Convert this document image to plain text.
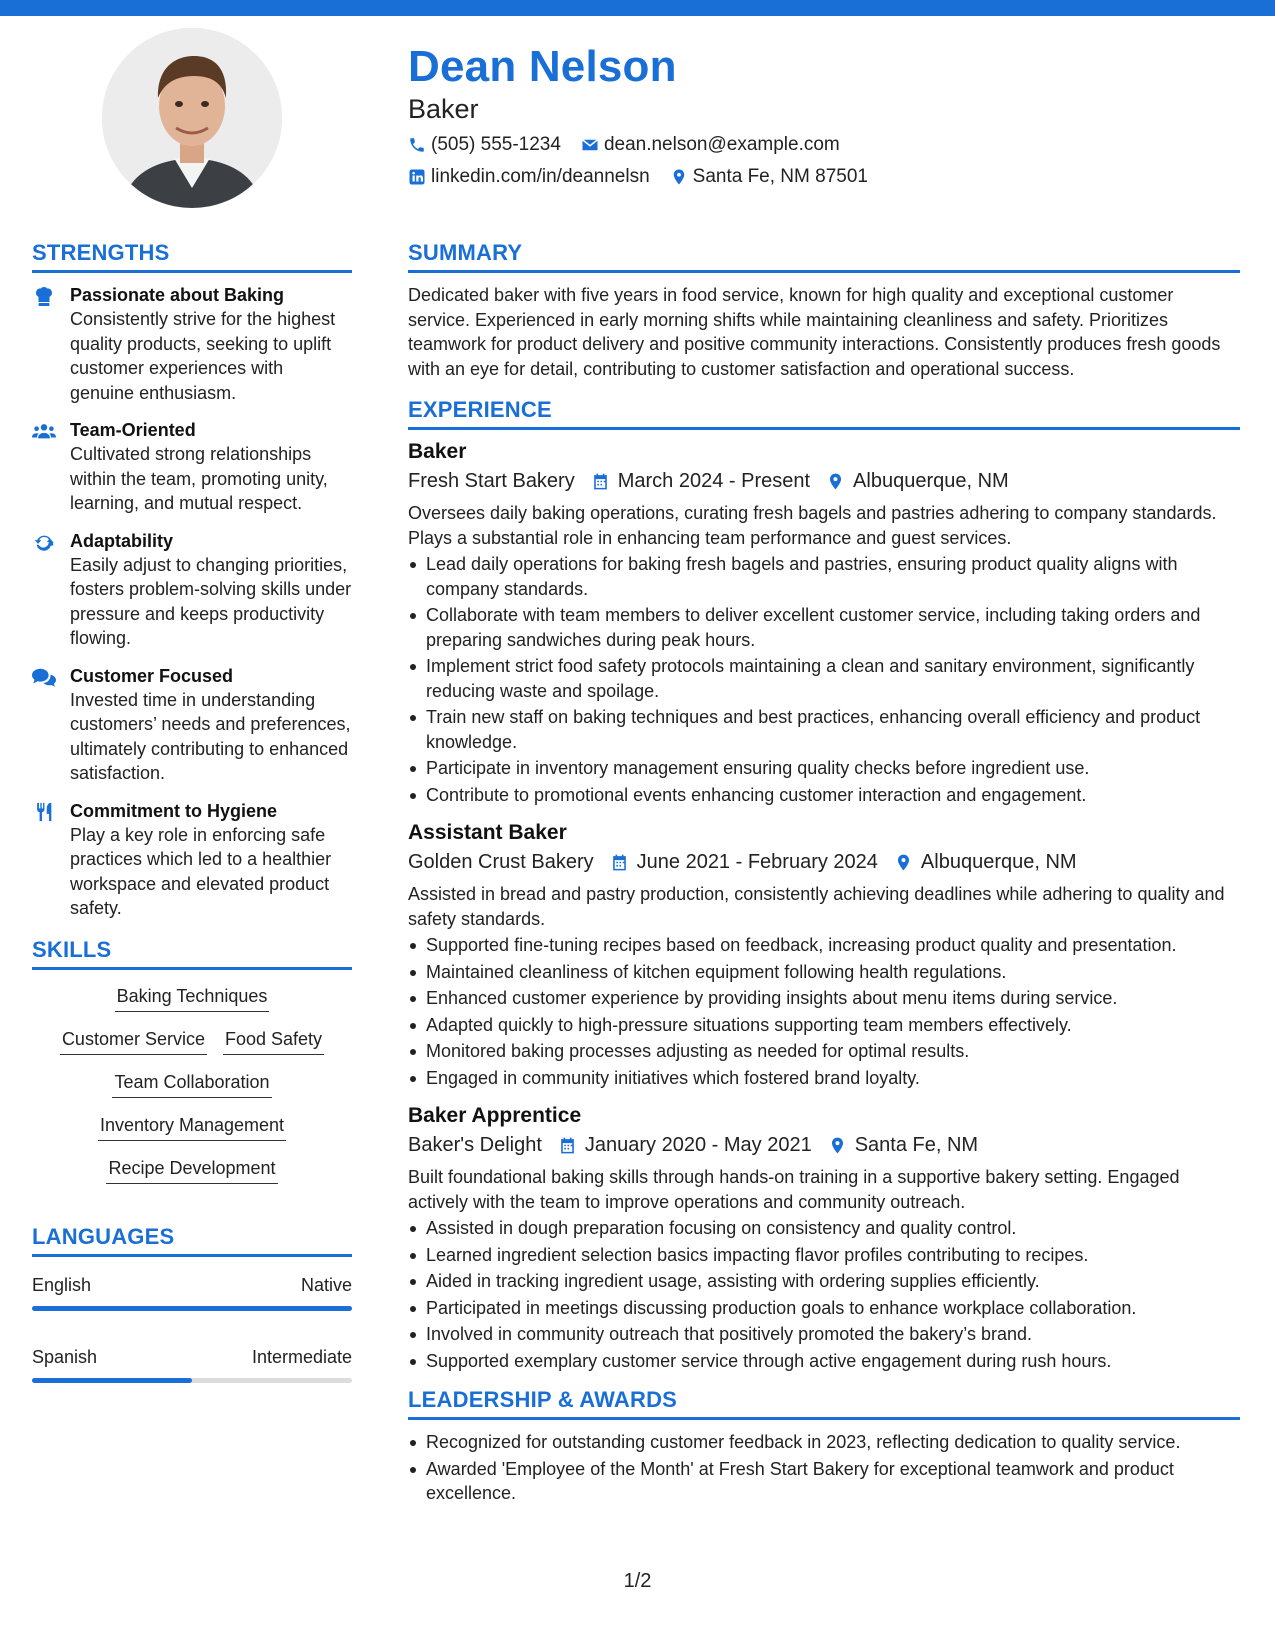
Dean Nelson
Baker
(505) 555-1234 dean.nelson@example.com
linkedin.com/in/deannelsn Santa Fe, NM 87501
STRENGTHS
Passionate about Baking
Consistently strive for the highest quality products, seeking to uplift customer experiences with genuine enthusiasm.
Team-Oriented
Cultivated strong relationships within the team, promoting unity, learning, and mutual respect.
Adaptability
Easily adjust to changing priorities, fosters problem-solving skills under pressure and keeps productivity flowing.
Customer Focused
Invested time in understanding customers’ needs and preferences, ultimately contributing to enhanced satisfaction.
Commitment to Hygiene
Play a key role in enforcing safe practices which led to a healthier workspace and elevated product safety.
SKILLS
Baking Techniques
Customer Service Food Safety
Team Collaboration
Inventory Management
Recipe Development
LANGUAGES
English	Native
Spanish	Intermediate
SUMMARY
Dedicated baker with five years in food service, known for high quality and exceptional customer service. Experienced in early morning shifts while maintaining cleanliness and safety. Prioritizes teamwork for product delivery and positive community interactions. Consistently produces fresh goods with an eye for detail, contributing to customer satisfaction and operational success.
EXPERIENCE
Baker
Fresh Start Bakery March 2024 - Present Albuquerque, NM
Oversees daily baking operations, curating fresh bagels and pastries adhering to company standards. Plays a substantial role in enhancing team performance and guest services.
Lead daily operations for baking fresh bagels and pastries, ensuring product quality aligns with company standards.
Collaborate with team members to deliver excellent customer service, including taking orders and preparing sandwiches during peak hours.
Implement strict food safety protocols maintaining a clean and sanitary environment, significantly reducing waste and spoilage.
Train new staff on baking techniques and best practices, enhancing overall efficiency and product knowledge.
Participate in inventory management ensuring quality checks before ingredient use.
Contribute to promotional events enhancing customer interaction and engagement.
Assistant Baker
Golden Crust Bakery June 2021 - February 2024 Albuquerque, NM
Assisted in bread and pastry production, consistently achieving deadlines while adhering to quality and safety standards.
Supported fine-tuning recipes based on feedback, increasing product quality and presentation.
Maintained cleanliness of kitchen equipment following health regulations.
Enhanced customer experience by providing insights about menu items during service.
Adapted quickly to high-pressure situations supporting team members effectively.
Monitored baking processes adjusting as needed for optimal results.
Engaged in community initiatives which fostered brand loyalty.
Baker Apprentice
Baker's Delight January 2020 - May 2021 Santa Fe, NM
Built foundational baking skills through hands-on training in a supportive bakery setting. Engaged actively with the team to improve operations and community outreach.
Assisted in dough preparation focusing on consistency and quality control.
Learned ingredient selection basics impacting flavor profiles contributing to recipes.
Aided in tracking ingredient usage, assisting with ordering supplies efficiently.
Participated in meetings discussing production goals to enhance workplace collaboration.
Involved in community outreach that positively promoted the bakery’s brand.
Supported exemplary customer service through active engagement during rush hours.
LEADERSHIP & AWARDS
Recognized for outstanding customer feedback in 2023, reflecting dedication to quality service.
Awarded 'Employee of the Month' at Fresh Start Bakery for exceptional teamwork and product excellence.
1/2
